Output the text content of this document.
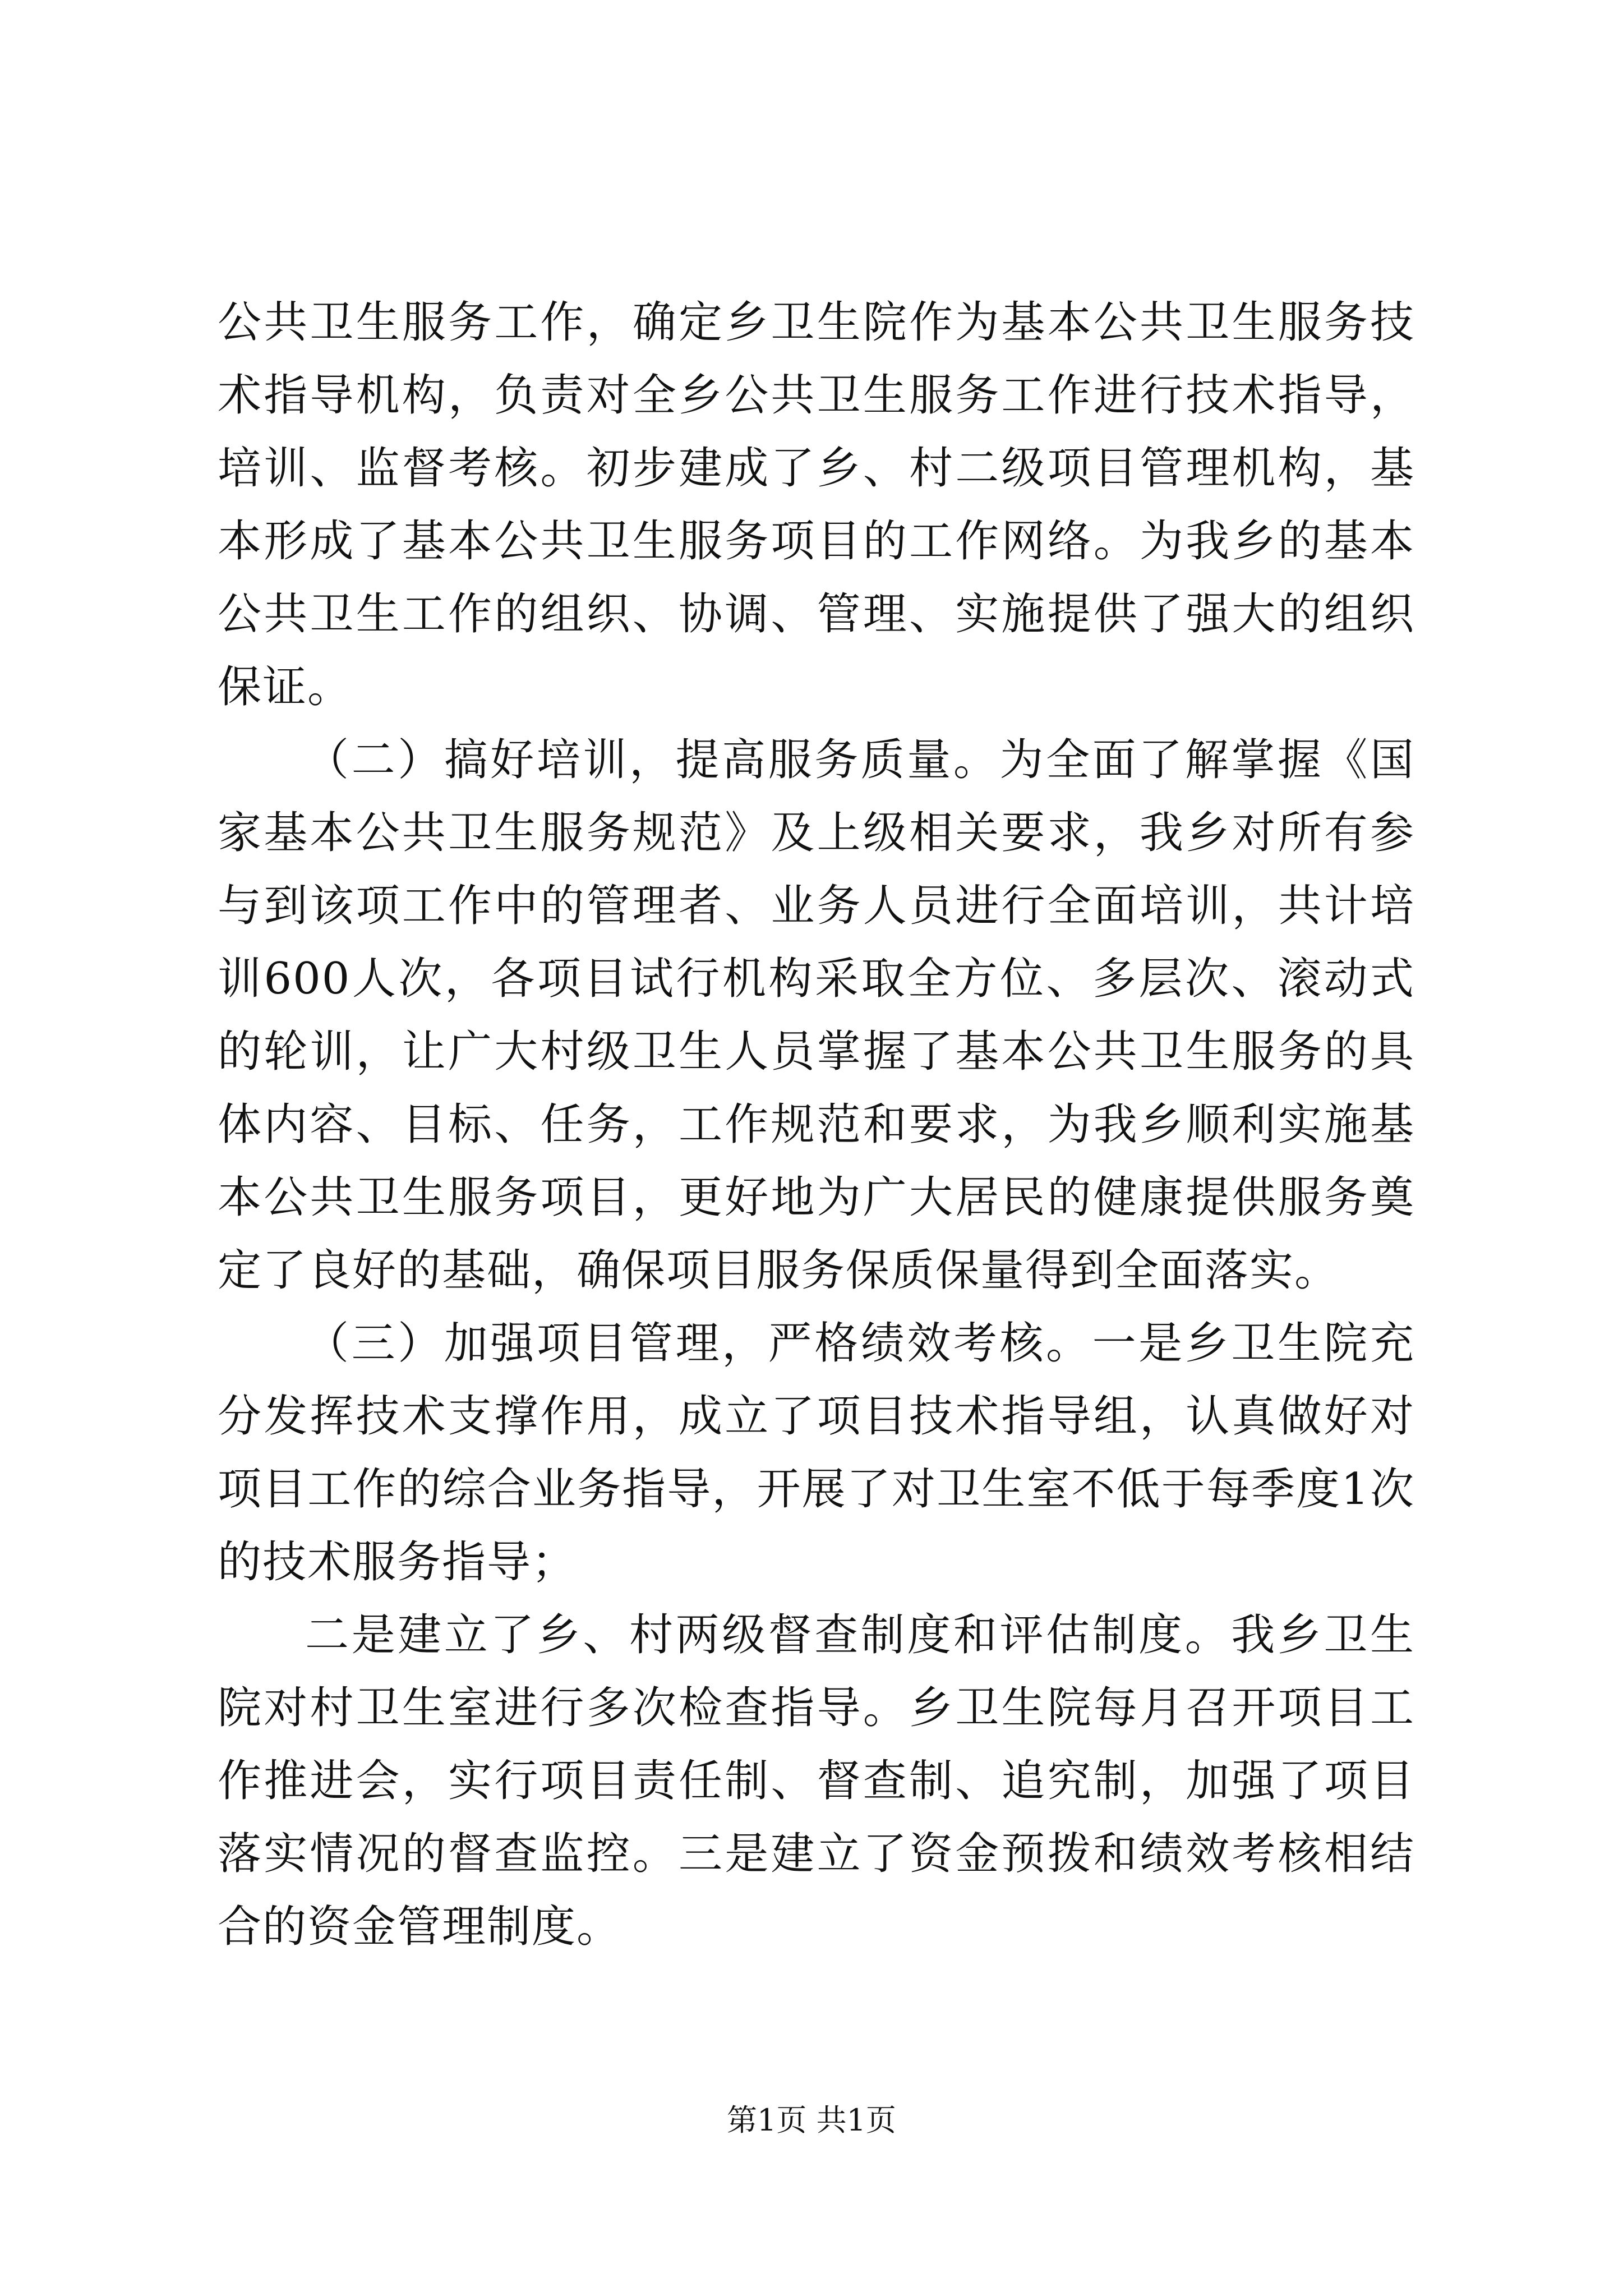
公共卫生服务工作，确定乡卫生院作为基本公共卫生服务技术指导机构，负责对全乡公共卫生服务工作进行技术指导，培训、监督考核。初步建成了乡、村二级项目管理机构，基本形成了基本公共卫生服务项目的工作网络。为我乡的基本公共卫生工作的组织、协调、管理、实施提供了强大的组织保证。

（二）搞好培训，提高服务质量。为全面了解掌握《国家基本公共卫生服务规范》及上级相关要求，我乡对所有参与到该项工作中的管理者、业务人员进行全面培训，共计培训600人次，各项目试行机构采取全方位、多层次、滚动式的轮训，让广大村级卫生人员掌握了基本公共卫生服务的具体内容、目标、任务，工作规范和要求，为我乡顺利实施基本公共卫生服务项目，更好地为广大居民的健康提供服务奠定了良好的基础，确保项目服务保质保量得到全面落实。

（三）加强项目管理，严格绩效考核。一是乡卫生院充分发挥技术支撑作用，成立了项目技术指导组，认真做好对项目工作的综合业务指导，开展了对卫生室不低于每季度1次的技术服务指导；

二是建立了乡、村两级督查制度和评估制度。我乡卫生院对村卫生室进行多次检查指导。乡卫生院每月召开项目工作推进会，实行项目责任制、督查制、追究制，加强了项目落实情况的督查监控。三是建立了资金预拨和绩效考核相结合的资金管理制度。

第1页 共1页
